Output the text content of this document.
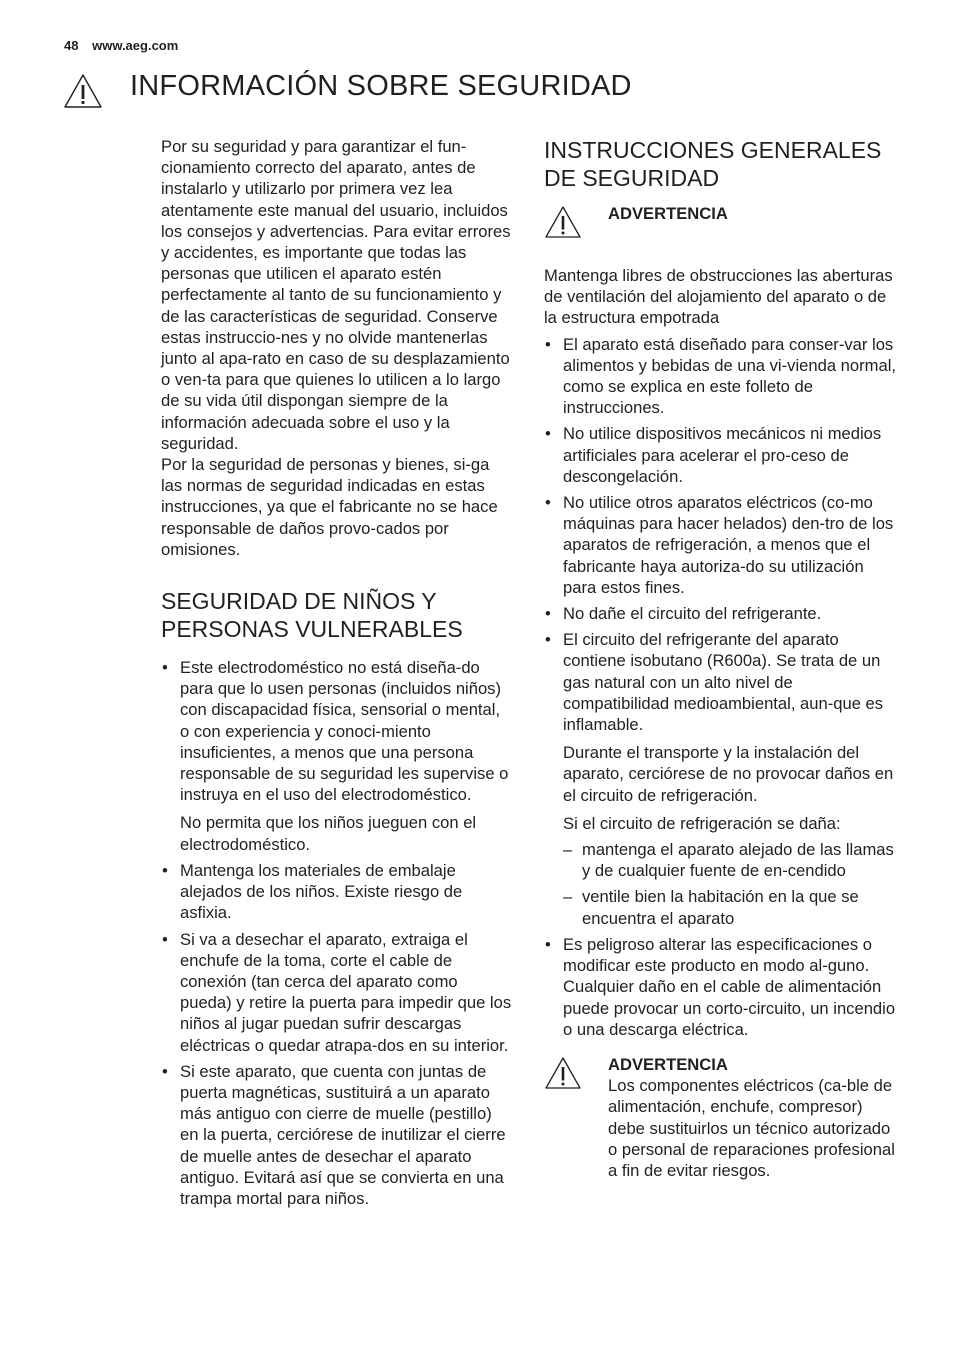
48 www.aeg.com
INFORMACIÓN SOBRE SEGURIDAD

Por su seguridad y para garantizar el fun-cionamiento correcto del aparato, antes de instalarlo y utilizarlo por primera vez lea atentamente este manual del usuario, incluidos los consejos y advertencias. Para evitar errores y accidentes, es importante que todas las personas que utilicen el aparato estén perfectamente al tanto de su funcionamiento y de las características de seguridad. Conserve estas instruccio-nes y no olvide mantenerlas junto al apa-rato en caso de su desplazamiento o ven-ta para que quienes lo utilicen a lo largo de su vida útil dispongan siempre de la información adecuada sobre el uso y la seguridad.

Por la seguridad de personas y bienes, si-ga las normas de seguridad indicadas en estas instrucciones, ya que el fabricante no se hace responsable de daños provo-cados por omisiones.

SEGURIDAD DE NIÑOS Y PERSONAS VULNERABLES
• Este electrodoméstico no está diseña-do para que lo usen personas (incluidos niños) con discapacidad física, sensorial o mental, o con experiencia y conoci-miento insuficientes, a menos que una persona responsable de su seguridad les supervise o instruya en el uso del electrodoméstico.

No permita que los niños jueguen con el electrodoméstico.

• Mantenga los materiales de embalaje alejados de los niños. Existe riesgo de asfixia.
• Si va a desechar el aparato, extraiga el enchufe de la toma, corte el cable de conexión (tan cerca del aparato como pueda) y retire la puerta para impedir que los niños al jugar puedan sufrir descargas eléctricas o quedar atrapa-dos en su interior.
• Si este aparato, que cuenta con juntas de puerta magnéticas, sustituirá a un aparato más antiguo con cierre de muelle (pestillo) en la puerta, cerciórese de inutilizar el cierre de muelle antes de desechar el aparato antiguo. Evitará así que se convierta en una trampa mortal para niños.
INSTRUCCIONES GENERALES DE SEGURIDAD
ADVERTENCIA

Mantenga libres de obstrucciones las aberturas de ventilación del alojamiento del aparato o de la estructura empotrada

• El aparato está diseñado para conser-var los alimentos y bebidas de una vi-vienda normal, como se explica en este folleto de instrucciones.
• No utilice dispositivos mecánicos ni medios artificiales para acelerar el pro-ceso de descongelación.
• No utilice otros aparatos eléctricos (co-mo máquinas para hacer helados) den-tro de los aparatos de refrigeración, a menos que el fabricante haya autoriza-do su utilización para estos fines.
• No dañe el circuito del refrigerante.
• El circuito del refrigerante del aparato contiene isobutano (R600a). Se trata de un gas natural con un alto nivel de compatibilidad medioambiental, aun-que es inflamable.

Durante el transporte y la instalación del aparato, cerciórese de no provocar daños en el circuito de refrigeración.

Si el circuito de refrigeración se daña:

– mantenga el aparato alejado de las llamas y de cualquier fuente de en-cendido
– ventile bien la habitación en la que se encuentra el aparato
• Es peligroso alterar las especificaciones o modificar este producto en modo al-guno. Cualquier daño en el cable de alimentación puede provocar un corto-circuito, un incendio o una descarga eléctrica.
ADVERTENCIA

Los componentes eléctricos (ca-ble de alimentación, enchufe, compresor) debe sustituirlos un técnico autorizado o personal de reparaciones profesional a fin de evitar riesgos.
